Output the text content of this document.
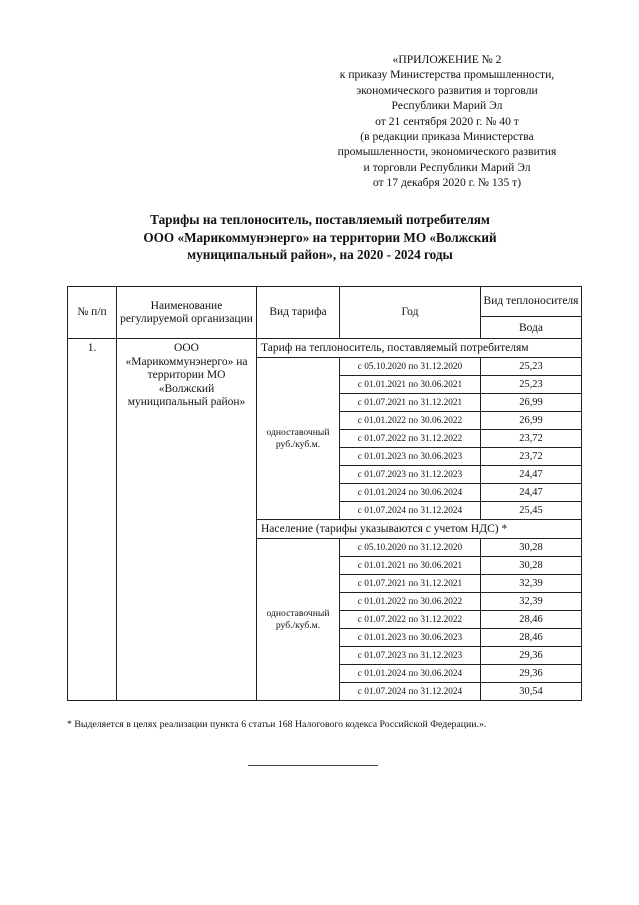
«ПРИЛОЖЕНИЕ № 2
к приказу Министерства промышленности,
экономического развития и торговли
Республики Марий Эл
от 21 сентября 2020 г. № 40 т
(в редакции приказа Министерства
промышленности, экономического развития
и торговли Республики Марий Эл
от 17 декабря 2020 г. № 135 т)
Тарифы на теплоноситель, поставляемый потребителям
ООО «Марикоммунэнерго» на территории МО «Волжский
муниципальный район», на 2020 - 2024 годы
№ п/п	Наименование регулируемой организации	Вид тарифа	Год	Вид теплоносителя
				Вода
1.	ООО «Марикоммунэнерго» на территории МО «Волжский муниципальный район»	Тариф на теплоноситель, поставляемый потребителям		
		одноставочный руб./куб.м.	с 05.10.2020 по 31.12.2020	25,23
			с 01.01.2021 по 30.06.2021	25,23
			с 01.07.2021 по 31.12.2021	26,99
			с 01.01.2022 по 30.06.2022	26,99
			с 01.07.2022 по 31.12.2022	23,72
			с 01.01.2023 по 30.06.2023	23,72
			с 01.07.2023 по 31.12.2023	24,47
			с 01.01.2024 по 30.06.2024	24,47
			с 01.07.2024 по 31.12.2024	25,45
		Население (тарифы указываются с учетом НДС) *		
		одноставочный руб./куб.м.	с 05.10.2020 по 31.12.2020	30,28
			с 01.01.2021 по 30.06.2021	30,28
			с 01.07.2021 по 31.12.2021	32,39
			с 01.01.2022 по 30.06.2022	32,39
			с 01.07.2022 по 31.12.2022	28,46
			с 01.01.2023 по 30.06.2023	28,46
			с 01.07.2023 по 31.12.2023	29,36
			с 01.01.2024 по 30.06.2024	29,36
			с 01.07.2024 по 31.12.2024	30,54
* Выделяется в целях реализации пункта 6 статьи 168 Налогового кодекса Российской Федерации.».
